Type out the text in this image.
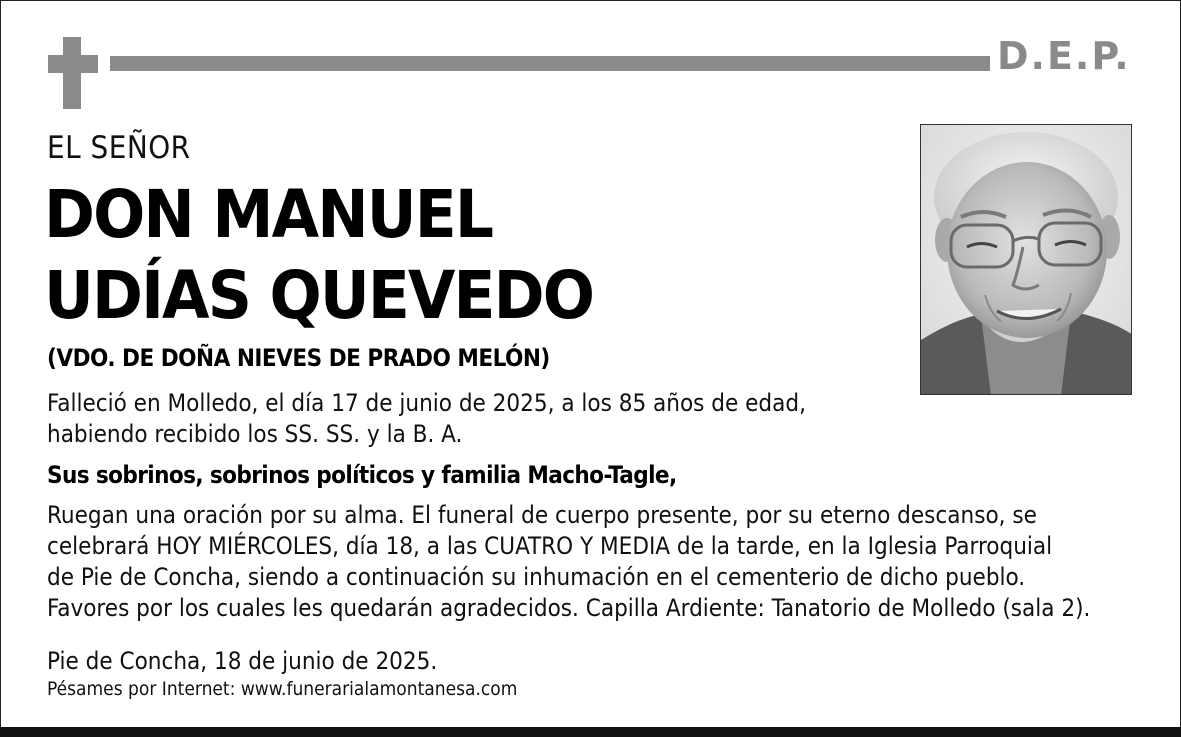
D.E.P.
EL SEÑOR
DON MANUEL
UDÍAS QUEVEDO
(VDO. DE DOÑA NIEVES DE PRADO MELÓN)
Falleció en Molledo, el día 17 de junio de 2025, a los 85 años de edad,
habiendo recibido los SS. SS. y la B. A.
Sus sobrinos, sobrinos políticos y familia Macho-Tagle,
Ruegan una oración por su alma. El funeral de cuerpo presente, por su eterno descanso, se
celebrará HOY MIÉRCOLES, día 18, a las CUATRO Y MEDIA de la tarde, en la Iglesia Parroquial
de Pie de Concha, siendo a continuación su inhumación en el cementerio de dicho pueblo.
Favores por los cuales les quedarán agradecidos. Capilla Ardiente: Tanatorio de Molledo (sala 2).
Pie de Concha, 18 de junio de 2025.
Pésames por Internet: www.funerarialamontanesa.com
